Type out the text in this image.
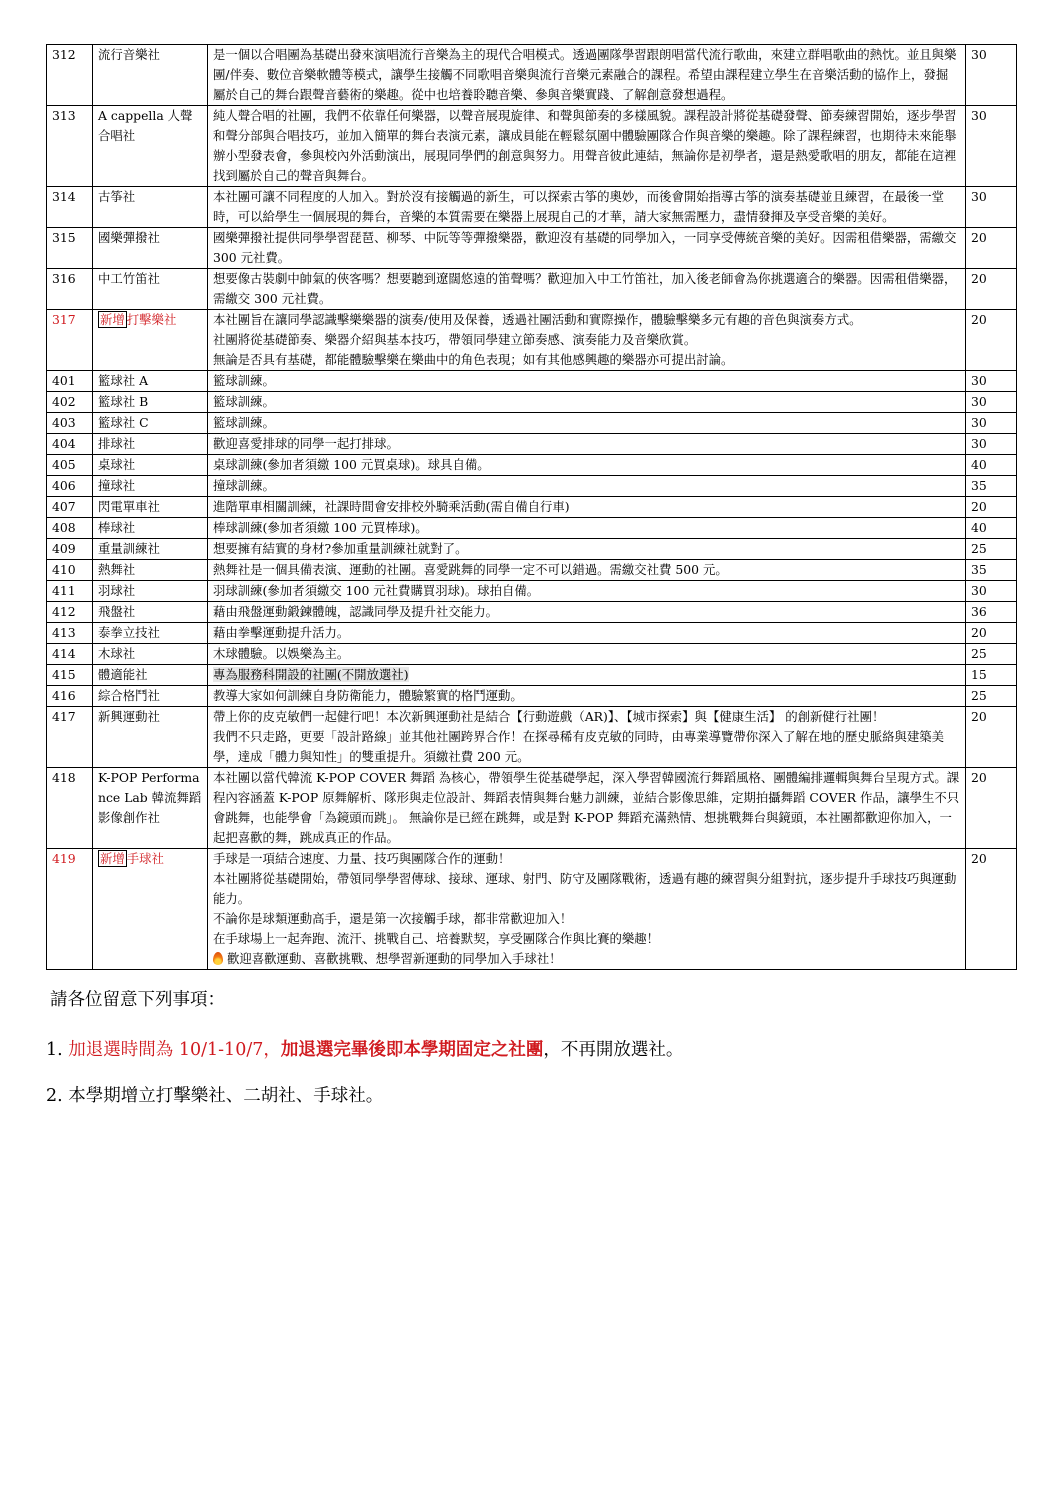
312	流行音樂社	是一個以合唱團為基礎出發來演唱流行音樂為主的現代合唱模式。透過團隊學習跟朗唱當代流行歌曲，來建立群唱歌曲的熱忱。並且與樂團/伴奏、數位音樂軟體等模式，讓學生接觸不同歌唱音樂與流行音樂元素融合的課程。希望由課程建立學生在音樂活動的協作上，發掘屬於自己的舞台跟聲音藝術的樂趣。從中也培養聆聽音樂、參與音樂實踐、了解創意發想過程。	30
313	A cappella 人聲合唱社	純人聲合唱的社團，我們不依靠任何樂器，以聲音展現旋律、和聲與節奏的多樣風貌。課程設計將從基礎發聲、節奏練習開始，逐步學習和聲分部與合唱技巧，並加入簡單的舞台表演元素，讓成員能在輕鬆氛圍中體驗團隊合作與音樂的樂趣。除了課程練習，也期待未來能舉辦小型發表會，參與校內外活動演出，展現同學們的創意與努力。用聲音彼此連結，無論你是初學者，還是熱愛歌唱的朋友，都能在這裡找到屬於自己的聲音與舞台。	30
314	古筝社	本社團可讓不同程度的人加入。對於沒有接觸過的新生，可以探索古筝的奧妙，而後會開始指導古筝的演奏基礎並且練習，在最後一堂時，可以給學生一個展現的舞台，音樂的本質需要在樂器上展現自己的才華，請大家無需壓力，盡情發揮及享受音樂的美好。	30
315	國樂彈撥社	國樂彈撥社提供同學學習琵琶、柳琴、中阮等等彈撥樂器，歡迎沒有基礎的同學加入，一同享受傳統音樂的美好。因需租借樂器，需繳交 300 元社費。	20
316	中工竹笛社	想要像古裝劇中帥氣的俠客嗎？想要聽到遼闊悠遠的笛聲嗎？歡迎加入中工竹笛社，加入後老師會為你挑選適合的樂器。因需租借樂器，需繳交 300 元社費。	20
317	新增 打擊樂社	本社團旨在讓同學認識擊樂樂器的演奏/使用及保養，透過社團活動和實際操作，體驗擊樂多元有趣的音色與演奏方式。

社團將從基礎節奏、樂器介紹與基本技巧，帶領同學建立節奏感、演奏能力及音樂欣賞。

無論是否具有基礎，都能體驗擊樂在樂曲中的角色表現；如有其他感興趣的樂器亦可提出討論。	20
401	籃球社 A	籃球訓練。	30
402	籃球社 B	籃球訓練。	30
403	籃球社 C	籃球訓練。	30
404	排球社	歡迎喜愛排球的同學一起打排球。	30
405	桌球社	桌球訓練(參加者須繳 100 元買桌球)。球具自備。	40
406	撞球社	撞球訓練。	35
407	閃電單車社	進階單車相關訓練，社課時間會安排校外騎乘活動(需自備自行車)	20
408	棒球社	棒球訓練(參加者須繳 100 元買棒球)。	40
409	重量訓練社	想要擁有結實的身材?參加重量訓練社就對了。	25
410	熱舞社	熱舞社是一個具備表演、運動的社團。喜愛跳舞的同學一定不可以錯過。需繳交社費 500 元。	35
411	羽球社	羽球訓練(參加者須繳交 100 元社費購買羽球)。球拍自備。	30
412	飛盤社	藉由飛盤運動鍛鍊體魄，認識同學及提升社交能力。	36
413	泰拳立技社	藉由拳擊運動提升活力。	20
414	木球社	木球體驗。以娛樂為主。	25
415	體適能社	專為服務科開設的社團(不開放選社)	15
416	綜合格鬥社	教導大家如何訓練自身防衛能力，體驗繁實的格鬥運動。	25
417	新興運動社	帶上你的皮克敏們一起健行吧！本次新興運動社是結合【行動遊戲（AR)】、【城市探索】與【健康生活】 的創新健行社團！

我們不只走路，更要「設計路線」並其他社團跨界合作！在探尋稀有皮克敏的同時，由專業導覽帶你深入了解在地的歷史脈絡與建築美學，達成「體力與知性」的雙重提升。須繳社費 200 元。	20
418	K-POP Performance Lab 韓流舞蹈影像創作社	本社團以當代韓流 K-POP COVER 舞蹈 為核心，帶領學生從基礎學起，深入學習韓國流行舞蹈風格、團體編排邏輯與舞台呈現方式。課程內容涵蓋 K-POP 原舞解析、隊形與走位設計、舞蹈表情與舞台魅力訓練，並結合影像思維，定期拍攝舞蹈 COVER 作品，讓學生不只會跳舞，也能學會「為鏡頭而跳」。 無論你是已經在跳舞，或是對 K-POP 舞蹈充滿熱情、想挑戰舞台與鏡頭，本社團都歡迎你加入，一起把喜歡的舞，跳成真正的作品。	20
419	新增 手球社	手球是一項結合速度、力量、技巧與團隊合作的運動！

本社團將從基礎開始，帶領同學學習傳球、接球、運球、射門、防守及團隊戰術，透過有趣的練習與分組對抗，逐步提升手球技巧與運動能力。

不論你是球類運動高手，還是第一次接觸手球，都非常歡迎加入！

在手球場上一起奔跑、流汗、挑戰自己、培養默契，享受團隊合作與比賽的樂趣！

歡迎喜歡運動、喜歡挑戰、想學習新運動的同學加入手球社！	20

請各位留意下列事項：

1. 加退選時間為 10/1-10/7，加退選完畢後即本學期固定之社團，不再開放選社。

2. 本學期增立打擊樂社、二胡社、手球社。
